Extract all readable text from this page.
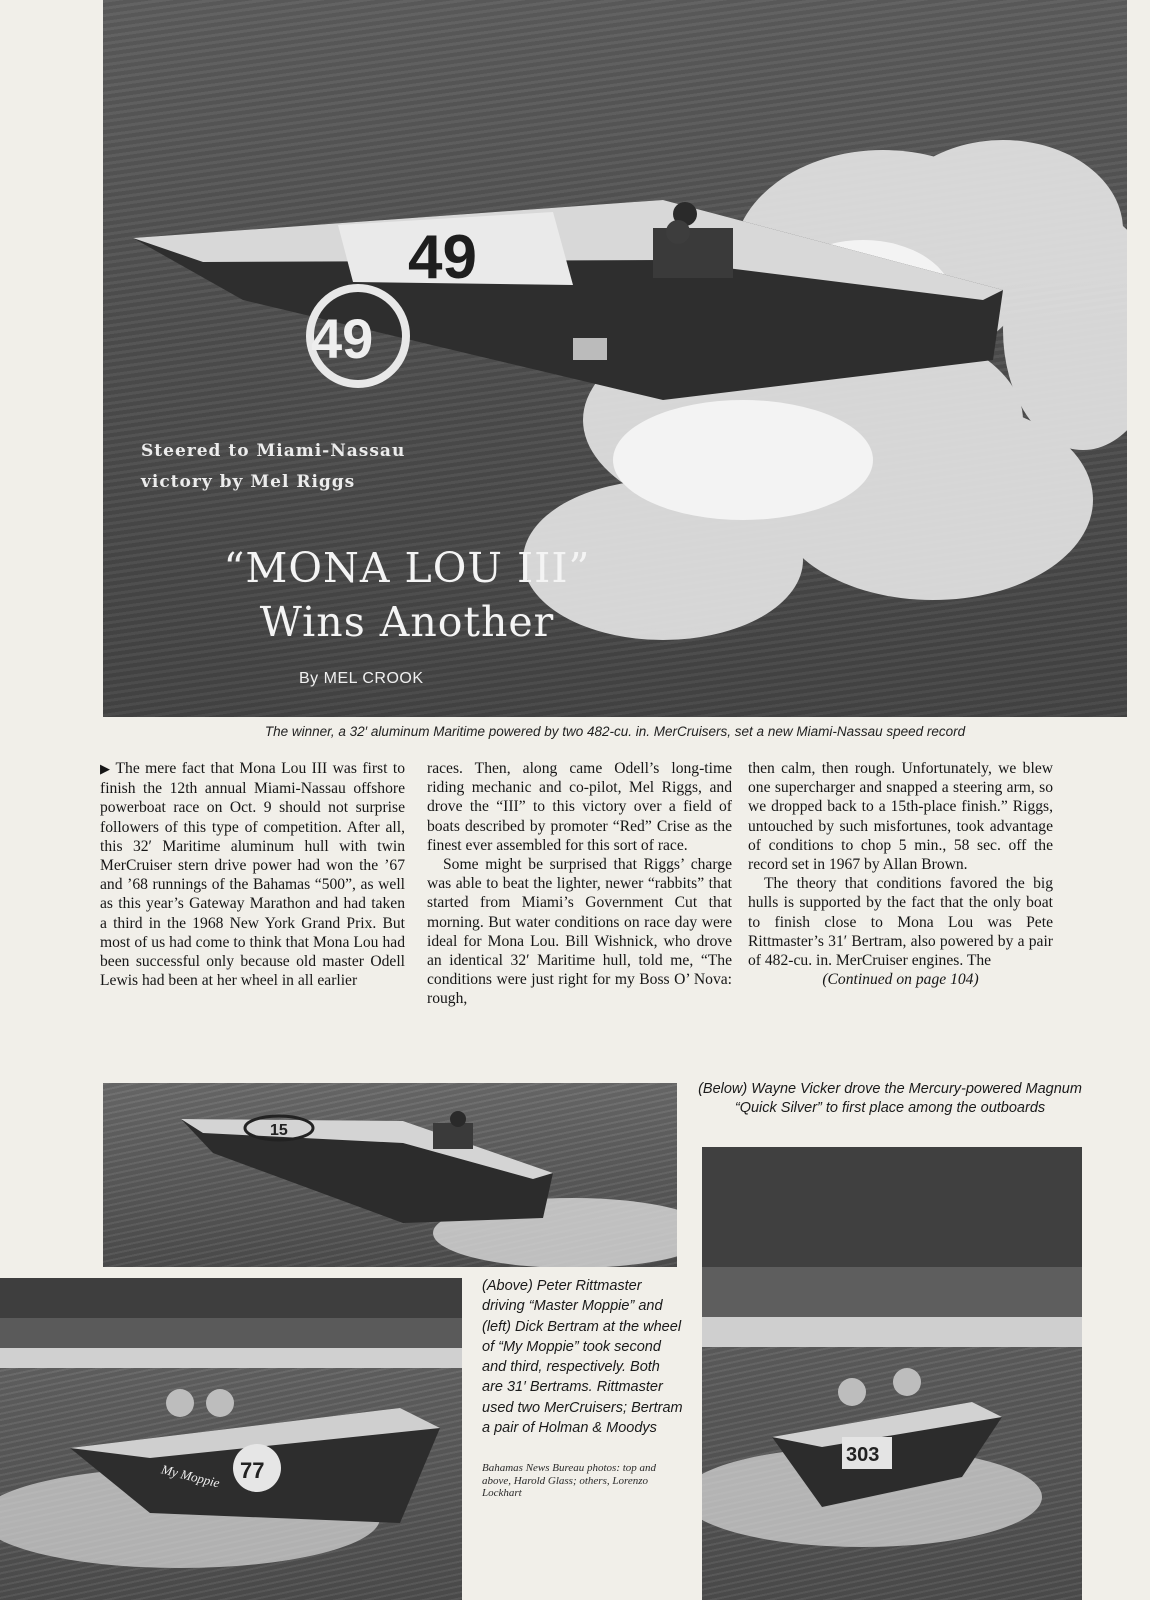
49
49
Steered to Miami-Nassau
victory by Mel Riggs
“MONA LOU III”
Wins Another
By MEL CROOK
The winner, a 32′ aluminum Maritime powered by two 482-cu. in. MerCruisers, set a new Miami-Nassau speed record

▶ The mere fact that Mona Lou III was first to finish the 12th annual Miami-Nassau offshore powerboat race on Oct. 9 should not surprise followers of this type of competition. After all, this 32′ Maritime aluminum hull with twin MerCruiser stern drive power had won the ’67 and ’68 runnings of the Bahamas “500”, as well as this year’s Gateway Marathon and had taken a third in the 1968 New York Grand Prix. But most of us had come to think that Mona Lou had been successful only because old master Odell Lewis had been at her wheel in all earlier

races. Then, along came Odell’s long-time riding mechanic and co-pilot, Mel Riggs, and drove the “III” to this victory over a field of boats described by promoter “Red” Crise as the finest ever assembled for this sort of race.

Some might be surprised that Riggs’ charge was able to beat the lighter, newer “rabbits” that started from Miami’s Government Cut that morning. But water conditions on race day were ideal for Mona Lou. Bill Wishnick, who drove an identical 32′ Maritime hull, told me, “The conditions were just right for my Boss O’ Nova: rough,

then calm, then rough. Unfortunately, we blew one supercharger and snapped a steering arm, so we dropped back to a 15th-place finish.” Riggs, untouched by such misfortunes, took advantage of conditions to chop 5 min., 58 sec. off the record set in 1967 by Allan Brown.

The theory that conditions favored the big hulls is supported by the fact that the only boat to finish close to Mona Lou was Pete Rittmaster’s 31′ Bertram, also powered by a pair of 482-cu. in. MerCruiser engines. The

(Continued on page 104)

15
77
My Moppie
(Above) Peter Rittmaster driving “Master Moppie” and (left) Dick Bertram at the wheel of “My Moppie” took second and third, respectively. Both are 31′ Bertrams. Rittmaster used two MerCruisers; Bertram a pair of Holman & Moodys
Bahamas News Bureau photos: top and above, Harold Glass; others, Lorenzo Lockhart
(Below) Wayne Vicker drove the Mercury-powered Magnum “Quick Silver” to first place among the outboards
303
